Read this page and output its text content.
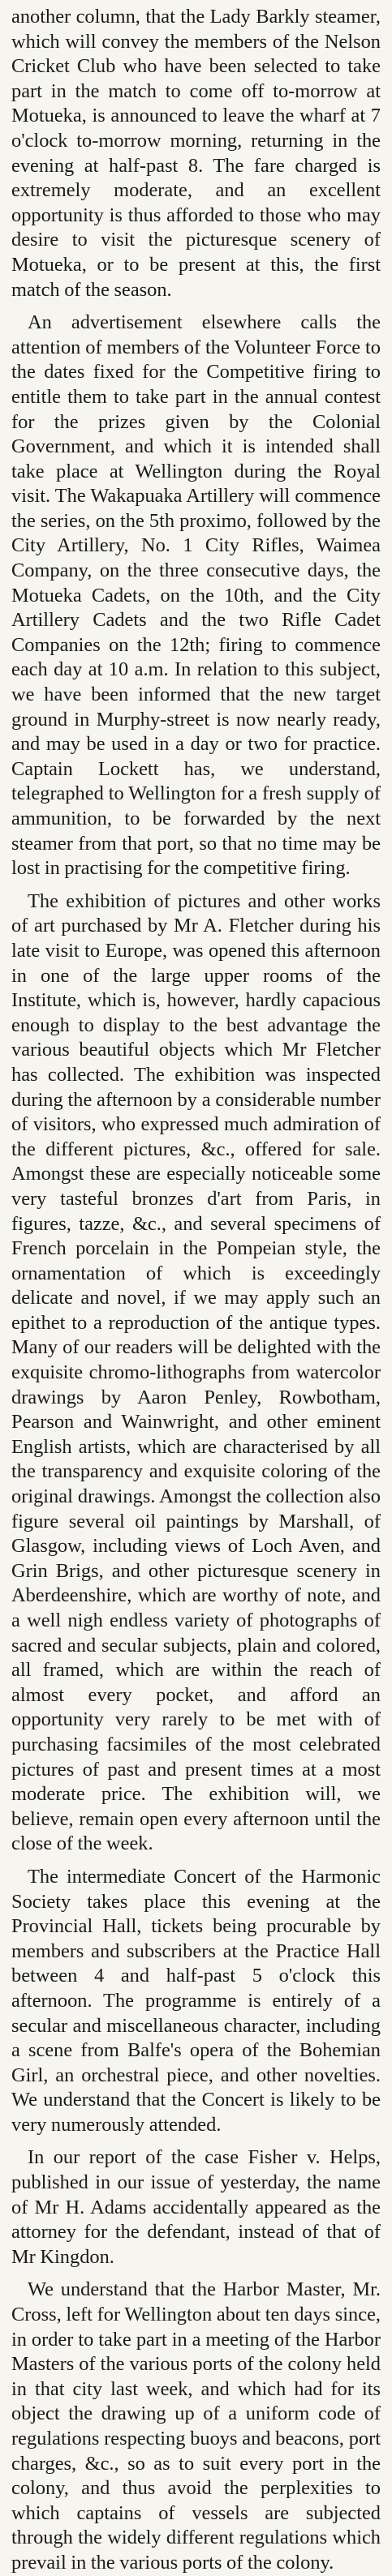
another column, that the Lady Barkly steamer, which will convey the members of the Nelson Cricket Club who have been selected to take part in the match to come off to-morrow at Motueka, is announced to leave the wharf at 7 o'clock to-morrow morning, returning in the evening at half-past 8. The fare charged is extremely moderate, and an excellent opportunity is thus afforded to those who may desire to visit the picturesque scenery of Motueka, or to be present at this, the first match of the season.

An advertisement elsewhere calls the attention of members of the Volunteer Force to the dates fixed for the Competitive firing to entitle them to take part in the annual contest for the prizes given by the Colonial Government, and which it is intended shall take place at Wellington during the Royal visit. The Wakapuaka Artillery will commence the series, on the 5th proximo, followed by the City Artillery, No. 1 City Rifles, Waimea Company, on the three consecutive days, the Motueka Cadets, on the 10th, and the City Artillery Cadets and the two Rifle Cadet Companies on the 12th; firing to commence each day at 10 a.m. In relation to this subject, we have been informed that the new target ground in Murphy-street is now nearly ready, and may be used in a day or two for practice. Captain Lockett has, we understand, telegraphed to Wellington for a fresh supply of ammunition, to be forwarded by the next steamer from that port, so that no time may be lost in practising for the competitive firing.

The exhibition of pictures and other works of art purchased by Mr A. Fletcher during his late visit to Europe, was opened this afternoon in one of the large upper rooms of the Institute, which is, however, hardly capacious enough to display to the best advantage the various beautiful objects which Mr Fletcher has collected. The exhibition was inspected during the afternoon by a considerable number of visitors, who expressed much admiration of the different pictures, &c., offered for sale. Amongst these are especially noticeable some very tasteful bronzes d'art from Paris, in figures, tazze, &c., and several specimens of French porcelain in the Pompeian style, the ornamentation of which is exceedingly delicate and novel, if we may apply such an epithet to a reproduction of the antique types. Many of our readers will be delighted with the exquisite chromo-lithographs from watercolor drawings by Aaron Penley, Rowbotham, Pearson and Wainwright, and other eminent English artists, which are characterised by all the transparency and exquisite coloring of the original drawings. Amongst the collection also figure several oil paintings by Marshall, of Glasgow, including views of Loch Aven, and Grin Brigs, and other picturesque scenery in Aberdeenshire, which are worthy of note, and a well nigh endless variety of photographs of sacred and secular subjects, plain and colored, all framed, which are within the reach of almost every pocket, and afford an opportunity very rarely to be met with of purchasing facsimiles of the most celebrated pictures of past and present times at a most moderate price. The exhibition will, we believe, remain open every afternoon until the close of the week.

The intermediate Concert of the Harmonic Society takes place this evening at the Provincial Hall, tickets being procurable by members and subscribers at the Practice Hall between 4 and half-past 5 o'clock this afternoon. The programme is entirely of a secular and miscellaneous character, including a scene from Balfe's opera of the Bohemian Girl, an orchestral piece, and other novelties. We understand that the Concert is likely to be very numerously attended.

In our report of the case Fisher v. Helps, published in our issue of yesterday, the name of Mr H. Adams accidentally appeared as the attorney for the defendant, instead of that of Mr Kingdon.

We understand that the Harbor Master, Mr. Cross, left for Wellington about ten days since, in order to take part in a meeting of the Harbor Masters of the various ports of the colony held in that city last week, and which had for its object the drawing up of a uniform code of regulations respecting buoys and beacons, port charges, &c., so as to suit every port in the colony, and thus avoid the perplexities to which captains of vessels are subjected through the widely different regulations which prevail in the various ports of the colony.
